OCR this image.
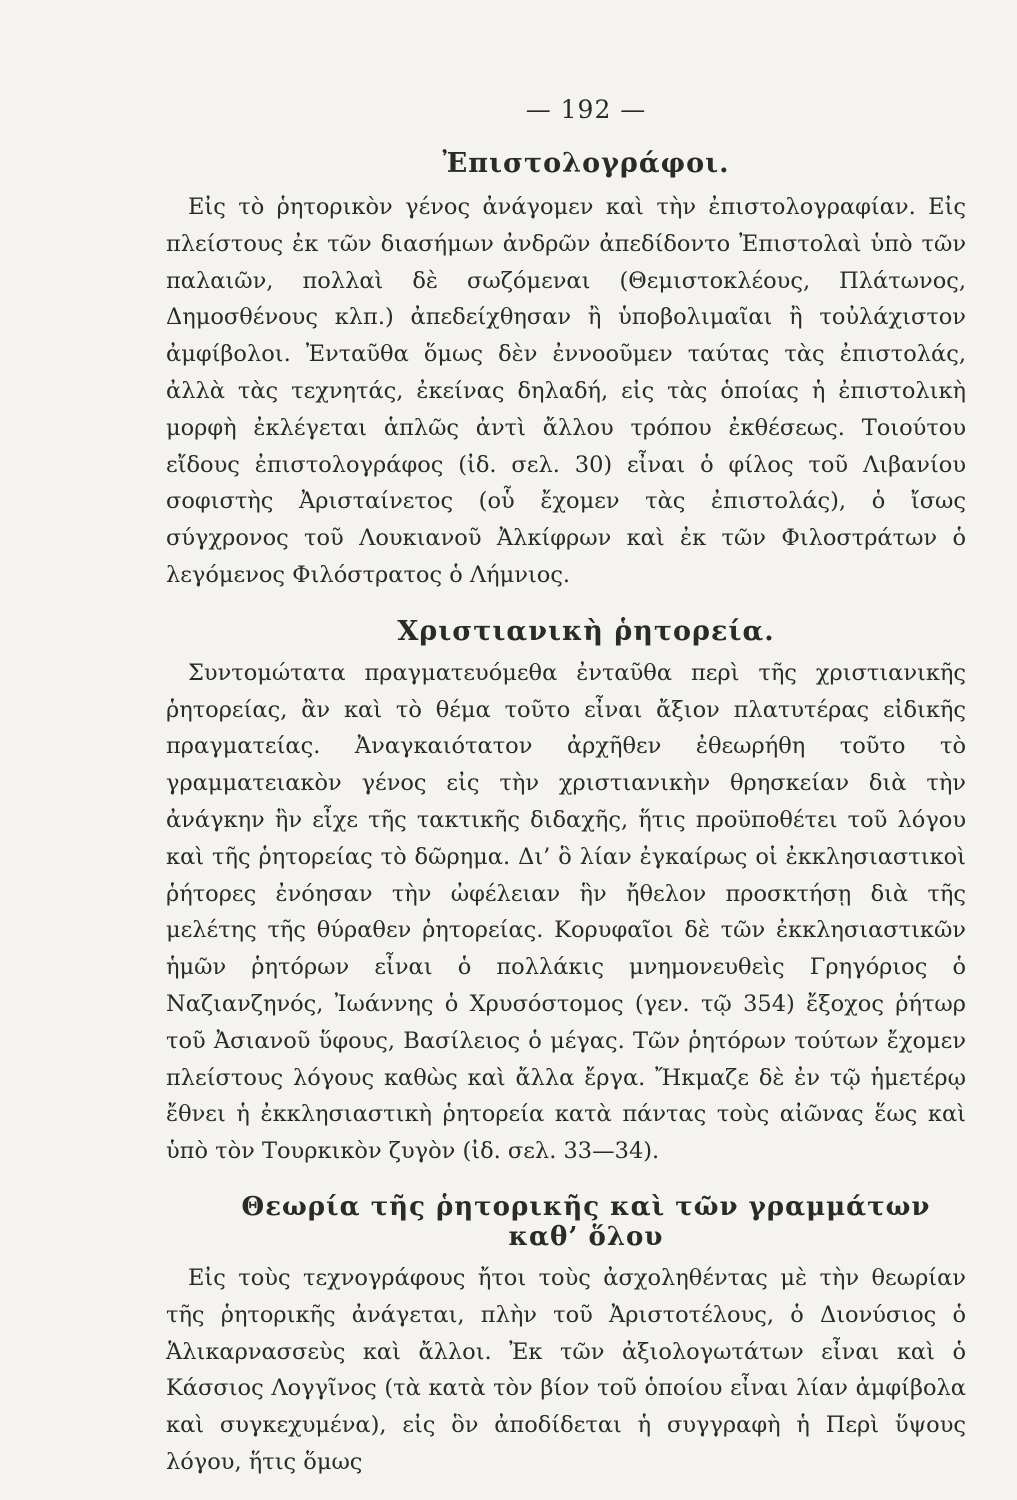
— 192 —
Ἐπιστολογράφοι.

Εἰς τὸ ῥητορικὸν γένος ἀνάγομεν καὶ τὴν ἐπιστολογραφίαν. Εἰς πλείστους ἐκ τῶν διασήμων ἀνδρῶν ἀπεδίδοντο Ἐπιστολαὶ ὑπὸ τῶν παλαιῶν, πολλαὶ δὲ σωζόμεναι (Θεμιστοκλέους, Πλάτωνος, Δημοσθένους κλπ.) ἀπεδείχθησαν ἢ ὑποβολιμαῖαι ἢ τοὐλάχιστον ἀμφίβολοι. Ἐνταῦθα ὅμως δὲν ἐννοοῦμεν ταύτας τὰς ἐπιστολάς, ἀλλὰ τὰς τεχνητάς, ἐκείνας δηλαδή, εἰς τὰς ὁποίας ἡ ἐπιστολικὴ μορφὴ ἐκλέγεται ἁπλῶς ἀντὶ ἄλλου τρόπου ἐκθέσεως. Τοιούτου εἴδους ἐπιστολογράφος (ἰδ. σελ. 30) εἶναι ὁ φίλος τοῦ Λιβανίου σοφιστὴς Ἀρισταίνετος (οὗ ἔχομεν τὰς ἐπιστολάς), ὁ ἴσως σύγχρονος τοῦ Λουκιανοῦ Ἀλκίφρων καὶ ἐκ τῶν Φιλοστράτων ὁ λεγόμενος Φιλόστρατος ὁ Λήμνιος.

Χριστιανικὴ ῥητορεία.

Συντομώτατα πραγματευόμεθα ἐνταῦθα περὶ τῆς χριστιανικῆς ῥητορείας, ἂν καὶ τὸ θέμα τοῦτο εἶναι ἄξιον πλατυτέρας εἰδικῆς πραγματείας. Ἀναγκαιότατον ἀρχῆθεν ἐθεωρήθη τοῦτο τὸ γραμματειακὸν γένος εἰς τὴν χριστιανικὴν θρησκείαν διὰ τὴν ἀνάγκην ἣν εἶχε τῆς τακτικῆς διδαχῆς, ἥτις προϋποθέτει τοῦ λόγου καὶ τῆς ῥητορείας τὸ δῶρημα. Δι’ ὃ λίαν ἐγκαίρως οἱ ἐκκλησιαστικοὶ ῥήτορες ἐνόησαν τὴν ὠφέλειαν ἣν ἤθελον προσκτήσῃ διὰ τῆς μελέτης τῆς θύραθεν ῥητορείας. Κορυφαῖοι δὲ τῶν ἐκκλησιαστικῶν ἡμῶν ῥητόρων εἶναι ὁ πολλάκις μνημονευθεὶς Γρηγόριος ὁ Ναζιανζηνός, Ἰωάννης ὁ Χρυσόστομος (γεν. τῷ 354) ἔξοχος ῥήτωρ τοῦ Ἀσιανοῦ ὕφους, Βασίλειος ὁ μέγας. Τῶν ῥητόρων τούτων ἔχομεν πλείστους λόγους καθὼς καὶ ἄλλα ἔργα. Ἤκμαζε δὲ ἐν τῷ ἡμετέρῳ ἔθνει ἡ ἐκκλησιαστικὴ ῥητορεία κατὰ πάντας τοὺς αἰῶνας ἕως καὶ ὑπὸ τὸν Τουρκικὸν ζυγὸν (ἰδ. σελ. 33—34).

Θεωρία τῆς ῥητορικῆς καὶ τῶν γραμμάτων καθ’ ὅλου

Εἰς τοὺς τεχνογράφους ἤτοι τοὺς ἀσχοληθέντας μὲ τὴν θεωρίαν τῆς ῥητορικῆς ἀνάγεται, πλὴν τοῦ Ἀριστοτέλους, ὁ Διονύσιος ὁ Ἁλικαρνασσεὺς καὶ ἄλλοι. Ἐκ τῶν ἀξιολογωτάτων εἶναι καὶ ὁ Κάσσιος Λογγῖνος (τὰ κατὰ τὸν βίον τοῦ ὁποίου εἶναι λίαν ἀμφίβολα καὶ συγκεχυμένα), εἰς ὃν ἀποδίδεται ἡ συγγραφὴ ἡ Περὶ ὕψους λόγου, ἥτις ὅμως
